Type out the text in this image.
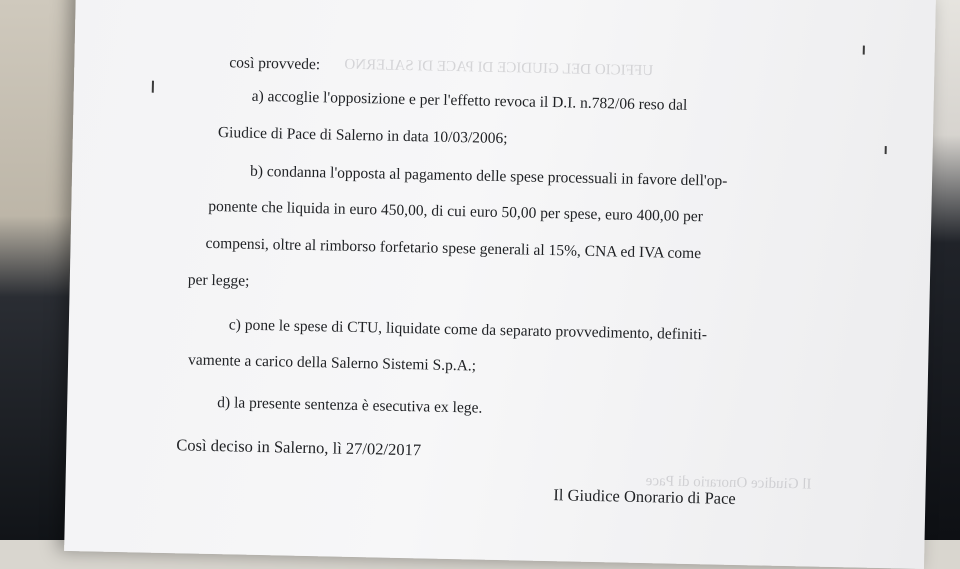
UFFICIO DEL GIUDICE DI PACE DI SALERNO
Il Giudice Onorario di Pace
così provvede:
a) accoglie l'opposizione e per l'effetto revoca il D.I. n.782/06 reso dal
Giudice di Pace di Salerno in data 10/03/2006;
b) condanna l'opposta al pagamento delle spese processuali in favore dell'op-
ponente che liquida in euro 450,00, di cui euro 50,00 per spese, euro 400,00 per
compensi, oltre al rimborso forfetario spese generali al 15%, CNA ed IVA come
per legge;
c) pone le spese di CTU, liquidate come da separato provvedimento, definiti-
vamente a carico della Salerno Sistemi S.p.A.;
d) la presente sentenza è esecutiva ex lege.
Così deciso in Salerno, lì 27/02/2017
Il Giudice Onorario di Pace
